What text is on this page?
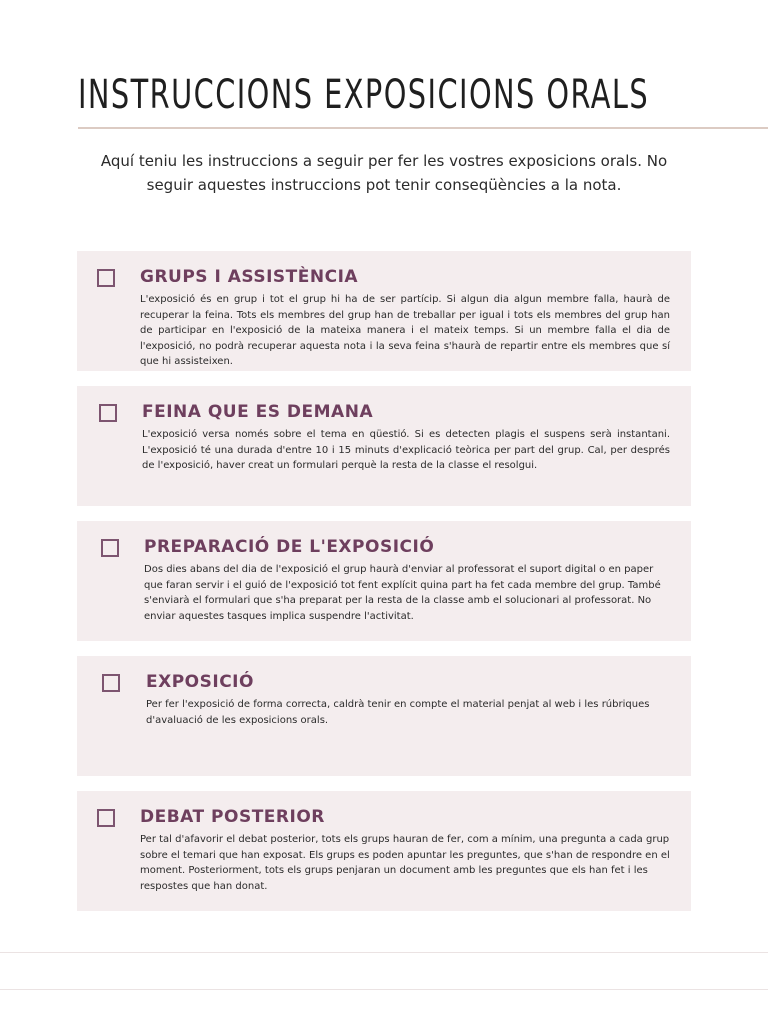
INSTRUCCIONS EXPOSICIONS ORALS
Aquí teniu les instruccions a seguir per fer les vostres exposicions orals. No seguir aquestes instruccions pot tenir conseqüències a la nota.
GRUPS I ASSISTÈNCIA
L'exposició és en grup i tot el grup hi ha de ser partícip. Si algun dia algun membre falla, haurà de recuperar la feina. Tots els membres del grup han de treballar per igual i tots els membres del grup han de participar en l'exposició de la mateixa manera i el mateix temps. Si un membre falla el dia de l'exposició, no podrà recuperar aquesta nota i la seva feina s'haurà de repartir entre els membres que sí que hi assisteixen.
FEINA QUE ES DEMANA
L'exposició versa només sobre el tema en qüestió. Si es detecten plagis el suspens serà instantani. L'exposició té una durada d'entre 10 i 15 minuts d'explicació teòrica per part del grup. Cal, per després de l'exposició, haver creat un formulari perquè la resta de la classe el resolgui.
PREPARACIÓ DE L'EXPOSICIÓ
Dos dies abans del dia de l'exposició el grup haurà d'enviar al professorat el suport digital o en paper que faran servir i el guió de l'exposició tot fent explícit quina part ha fet cada membre del grup. També s'enviarà el formulari que s'ha preparat per la resta de la classe amb el solucionari al professorat. No enviar aquestes tasques implica suspendre l'activitat.
EXPOSICIÓ
Per fer l'exposició de forma correcta, caldrà tenir en compte el material penjat al web i les rúbriques d'avaluació de les exposicions orals.
DEBAT POSTERIOR
Per tal d'afavorir el debat posterior, tots els grups hauran de fer, com a mínim, una pregunta a cada grup sobre el temari que han exposat. Els grups es poden apuntar les preguntes, que s'han de respondre en el moment. Posteriorment, tots els grups penjaran un document amb les preguntes que els han fet i les respostes que han donat.
